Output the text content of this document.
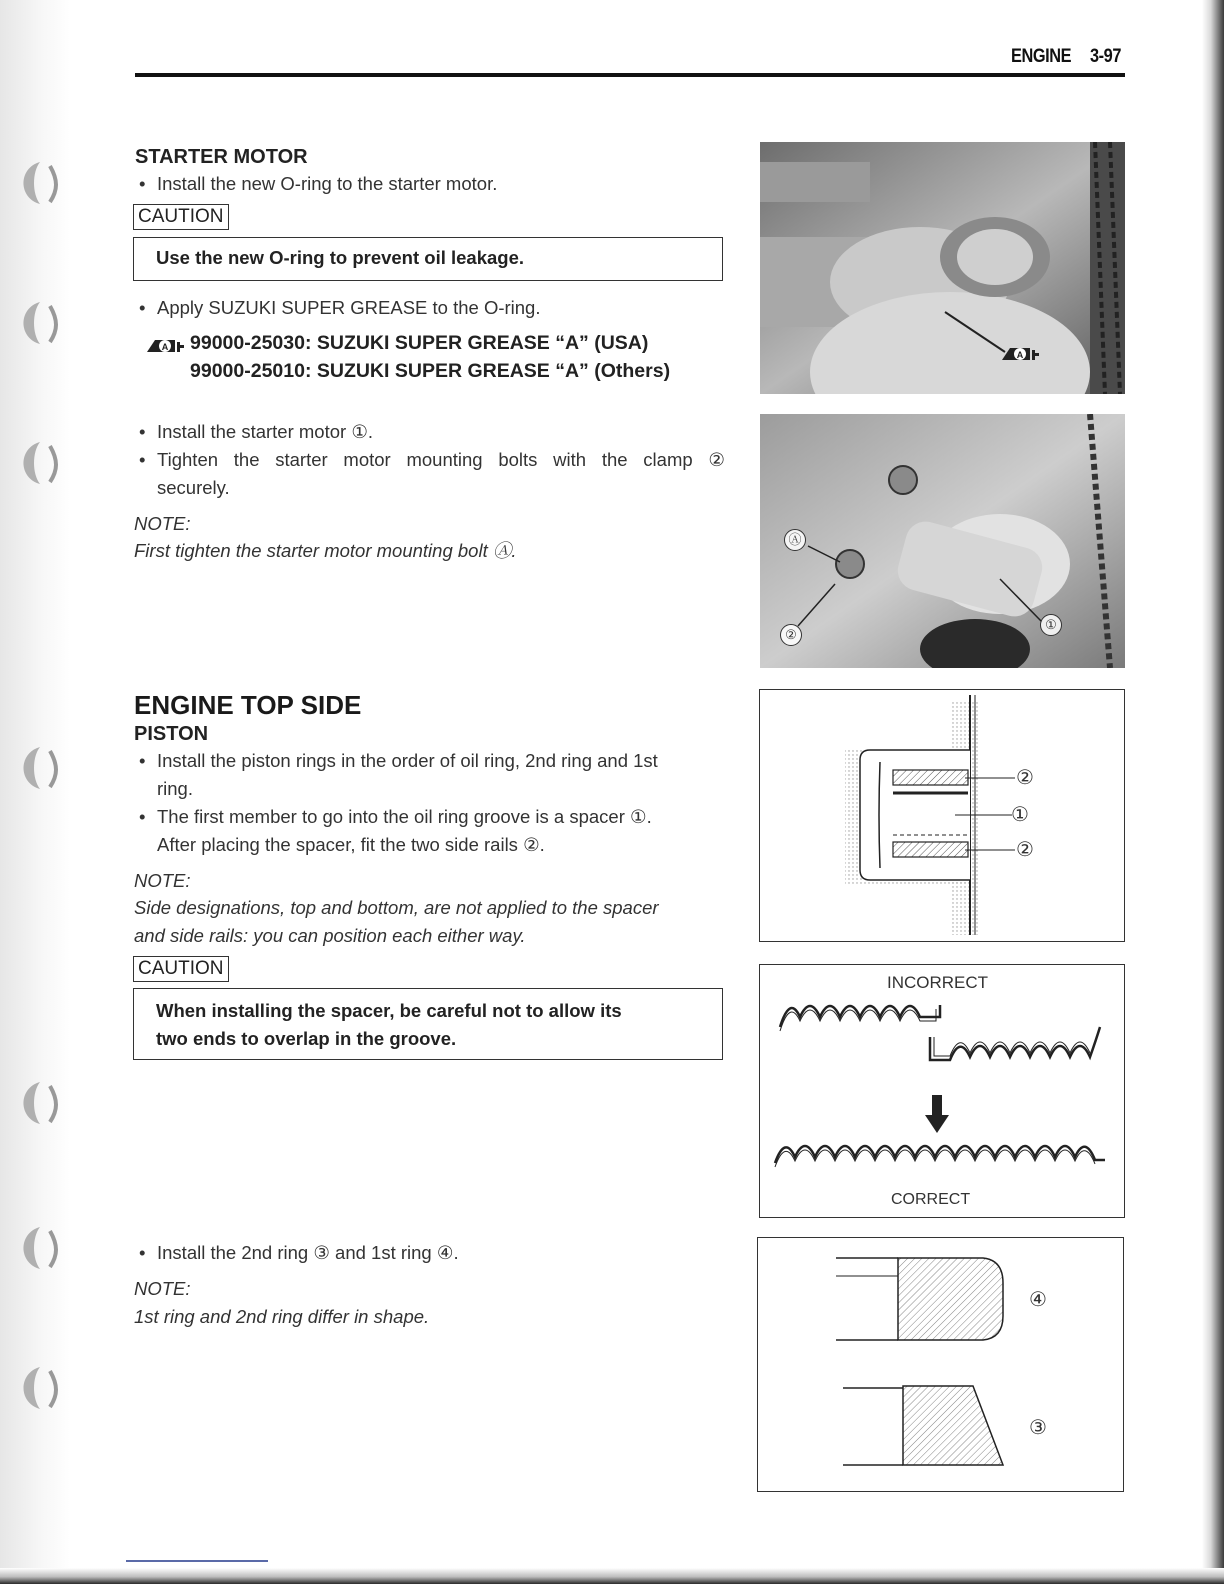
ENGINE 3-97
STARTER MOTOR
• Install the new O-ring to the starter motor.
CAUTION
Use the new O-ring to prevent oil leakage.
• Apply SUZUKI SUPER GREASE to the O-ring.
A 99000-25030: SUZUKI SUPER GREASE “A” (USA)
99000-25010: SUZUKI SUPER GREASE “A” (Others)
• Install the starter motor ①.
• Tighten the starter motor mounting bolts with the clamp ②
securely.
NOTE:
First tighten the starter motor mounting bolt Ⓐ.
A
Ⓐ
①
②
ENGINE TOP SIDE
PISTON
• Install the piston rings in the order of oil ring, 2nd ring and 1st
ring.
• The first member to go into the oil ring groove is a spacer ①.
After placing the spacer, fit the two side rails ②.
NOTE:
Side designations, top and bottom, are not applied to the spacer
and side rails: you can position each either way.
CAUTION
When installing the spacer, be careful not to allow its
two ends to overlap in the groove.
• Install the 2nd ring ③ and 1st ring ④.
NOTE:
1st ring and 2nd ring differ in shape.
②
①
②
INCORRECT
CORRECT
④
③
